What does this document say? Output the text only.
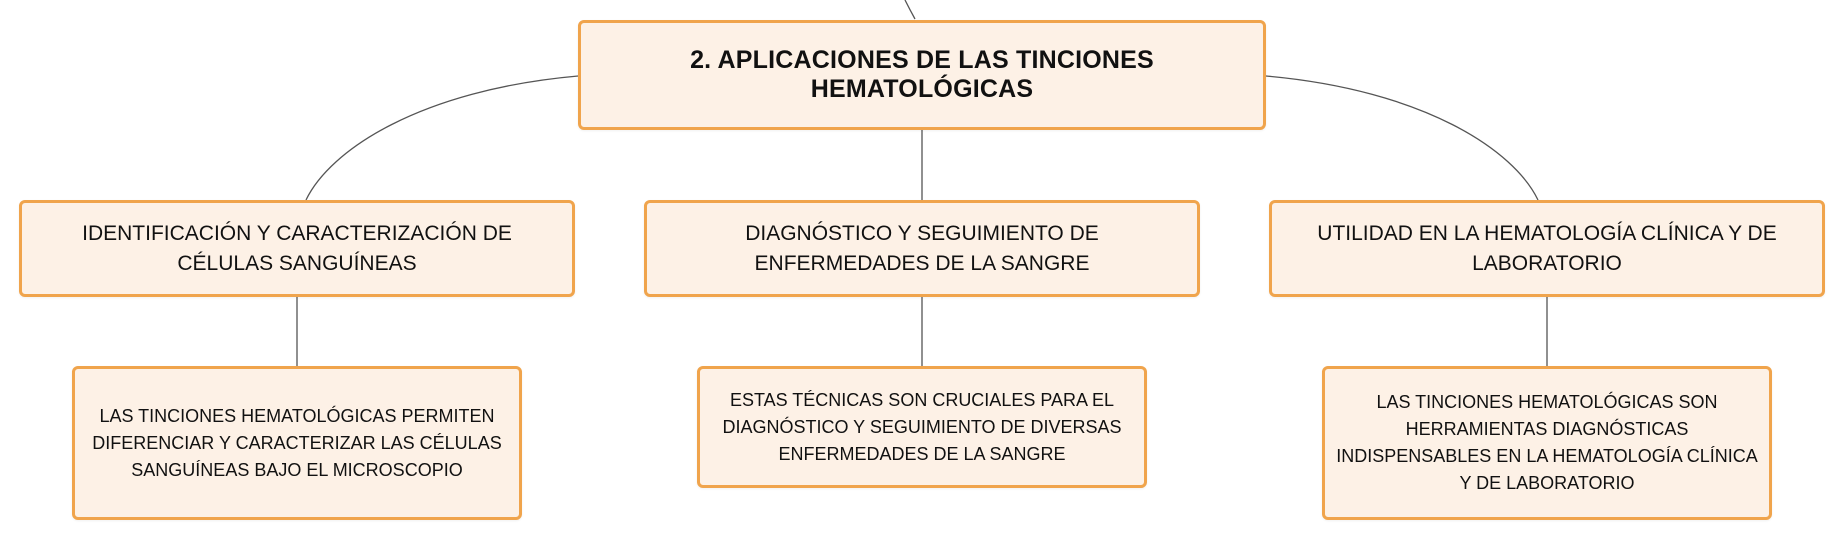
2. APLICACIONES DE LAS TINCIONES HEMATOLÓGICAS
IDENTIFICACIÓN Y CARACTERIZACIÓN DE CÉLULAS SANGUÍNEAS
DIAGNÓSTICO Y SEGUIMIENTO DE ENFERMEDADES DE LA SANGRE
UTILIDAD EN LA HEMATOLOGÍA CLÍNICA Y DE LABORATORIO
LAS TINCIONES HEMATOLÓGICAS PERMITEN DIFERENCIAR Y CARACTERIZAR LAS CÉLULAS SANGUÍNEAS BAJO EL MICROSCOPIO
ESTAS TÉCNICAS SON CRUCIALES PARA EL DIAGNÓSTICO Y SEGUIMIENTO DE DIVERSAS ENFERMEDADES DE LA SANGRE
LAS TINCIONES HEMATOLÓGICAS SON HERRAMIENTAS DIAGNÓSTICAS INDISPENSABLES EN LA HEMATOLOGÍA CLÍNICA Y DE LABORATORIO
